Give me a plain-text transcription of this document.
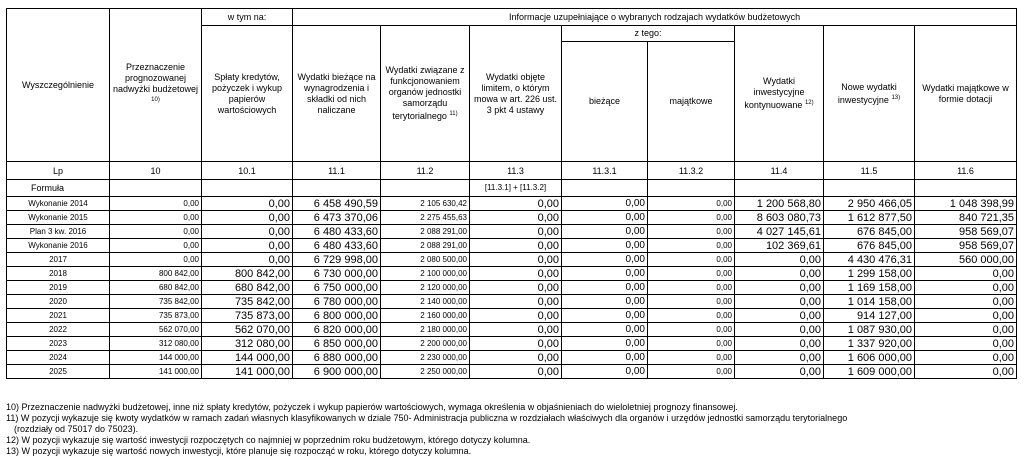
Wyszczególnienie	Przeznaczenie prognozowanej nadwyżki budżetowej $^{10)}$	w tym na:	Informacje uzupełniające o wybranych rodzajach wydatków budżetowych							
		Spłaty kredytów, pożyczek i wykup papierów wartościowych	Wydatki bieżące na wynagrodzenia i składki od nich naliczane	Wydatki związane z funkcjonowaniem organów jednostki samorządu terytorialnego $^{11)}$	Wydatki objęte limitem, o którym mowa w art. 226 ust. 3 pkt 4 ustawy	z tego:		Wydatki inwestycyjne kontynuowane $^{12)}$	Nowe wydatki inwestycyjne $^{13)}$	Wydatki majątkowe w formie dotacji
						bieżące	majątkowe			
Lp	10	10.1	11.1	11.2	11.3	11.3.1	11.3.2	11.4	11.5	11.6
Formuła					[11.3.1] + [11.3.2]					
Wykonanie 2014	0,00	0,00	6 458 490,59	2 105 630,42	0,00	0,00	0,00	1 200 568,80	2 950 466,05	1 048 398,99
Wykonanie 2015	0,00	0,00	6 473 370,06	2 275 455,63	0,00	0,00	0,00	8 603 080,73	1 612 877,50	840 721,35
Plan 3 kw. 2016	0,00	0,00	6 480 433,60	2 088 291,00	0,00	0,00	0,00	4 027 145,61	676 845,00	958 569,07
Wykonanie 2016	0,00	0,00	6 480 433,60	2 088 291,00	0,00	0,00	0,00	102 369,61	676 845,00	958 569,07
2017	0,00	0,00	6 729 998,00	2 080 500,00	0,00	0,00	0,00	0,00	4 430 476,31	560 000,00
2018	800 842,00	800 842,00	6 730 000,00	2 100 000,00	0,00	0,00	0,00	0,00	1 299 158,00	0,00
2019	680 842,00	680 842,00	6 750 000,00	2 120 000,00	0,00	0,00	0,00	0,00	1 169 158,00	0,00
2020	735 842,00	735 842,00	6 780 000,00	2 140 000,00	0,00	0,00	0,00	0,00	1 014 158,00	0,00
2021	735 873,00	735 873,00	6 800 000,00	2 160 000,00	0,00	0,00	0,00	0,00	914 127,00	0,00
2022	562 070,00	562 070,00	6 820 000,00	2 180 000,00	0,00	0,00	0,00	0,00	1 087 930,00	0,00
2023	312 080,00	312 080,00	6 850 000,00	2 200 000,00	0,00	0,00	0,00	0,00	1 337 920,00	0,00
2024	144 000,00	144 000,00	6 880 000,00	2 230 000,00	0,00	0,00	0,00	0,00	1 606 000,00	0,00
2025	141 000,00	141 000,00	6 900 000,00	2 250 000,00	0,00	0,00	0,00	0,00	1 609 000,00	0,00
10) Przeznaczenie nadwyżki budżetowej, inne niż spłaty kredytów, pożyczek i wykup papierów wartościowych, wymaga określenia w objaśnieniach do wieloletniej prognozy finansowej.
11) W pozycji wykazuje się kwoty wydatków w ramach zadań własnych klasyfikowanych w dziale 750- Administracja publiczna w rozdziałach właściwych dla organów i urzędów jednostki samorządu terytorialnego
(rozdziały od 75017 do 75023).
12) W pozycji wykazuje się wartość inwestycji rozpoczętych co najmniej w poprzednim roku budżetowym, którego dotyczy kolumna.
13) W pozycji wykazuje się wartość nowych inwestycji, które planuje się rozpocząć w roku, którego dotyczy kolumna.
